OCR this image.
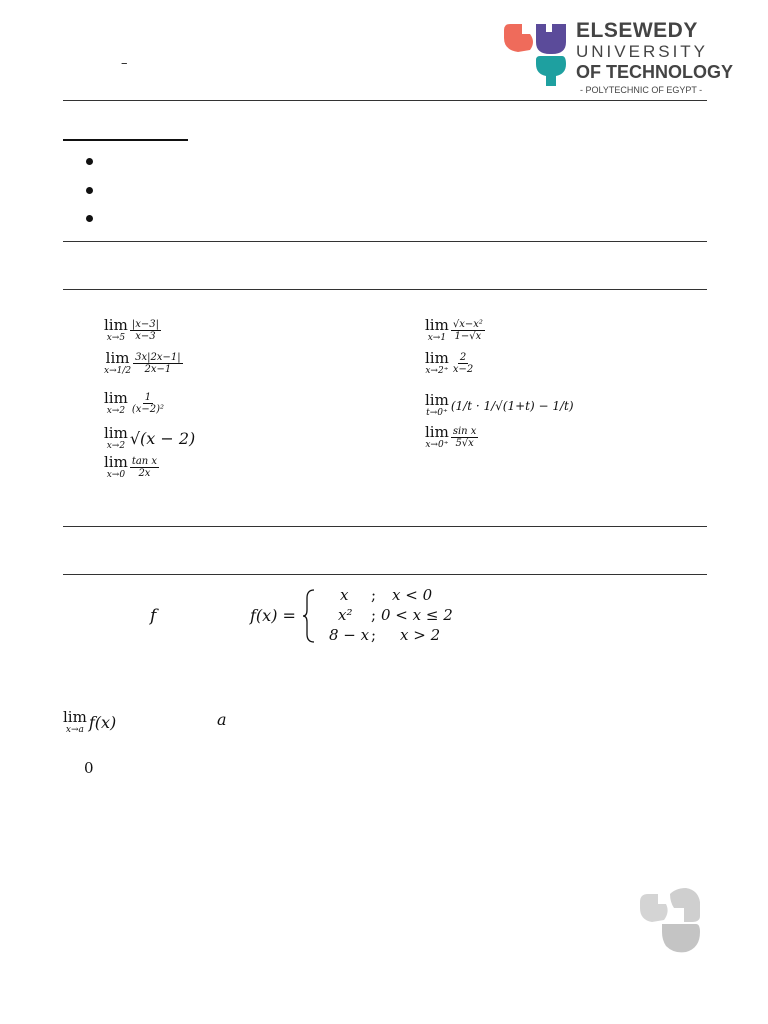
–
ELSEWEDY
UNIVERSITY
OF TECHNOLOGY
- POLYTECHNIC OF EGYPT -
lim
$x\to 5 \frac{|x-3|}{x-3}$
lim
$x\to 1/2 \frac{3x|2x-1|}{2x-1}$
lim
$x\to 2 \frac{1}{\text{(x−2)²}}$
lim
x→2 √(x − 2)
lim
$x\to 0 \frac{\text{tan x}}{2x}$
lim
$x\to 1 \frac{\text{√x−x²}}{1-√x}$
lim
$x\to 2^+ \frac{2}{x-2}$
lim
t→0⁺
(1/t · 1/√(1+t) − 1/t)
lim
$x\to 0^+ \frac{\text{sin x}}{5√x}$
f	f(x) =
x ; x < 0
x² ; 0 < x ≤ 2
8 − x ; x > 2
lim
x→a f(x)	a
0
